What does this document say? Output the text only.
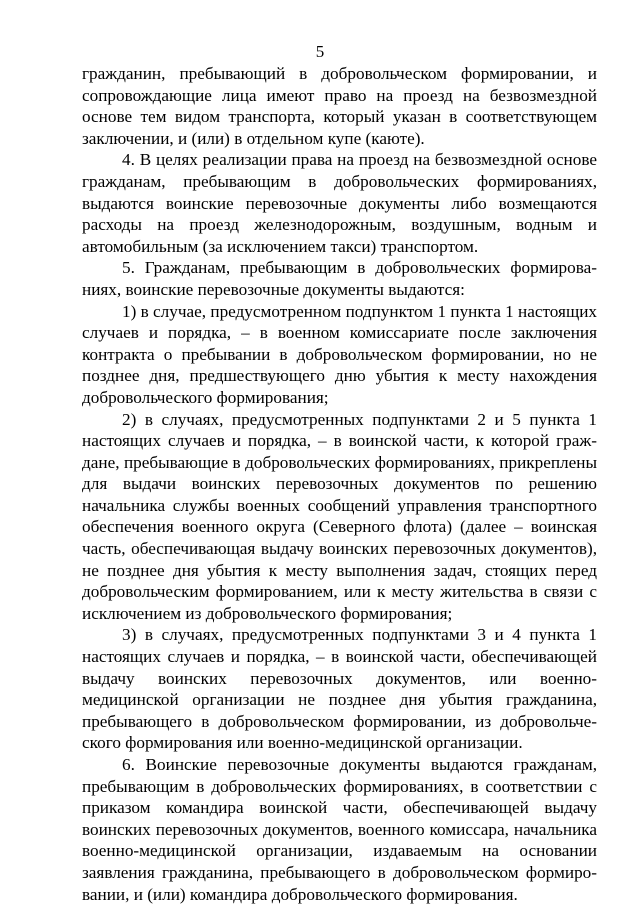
5

гражданин, пребывающий в добровольческом формировании, и сопровождающие лица имеют право на проезд на безвозмездной основе тем видом транспорта, который указан в соответствующем заключении, и (или) в отдельном купе (каюте).

4. В целях реализации права на проезд на безвозмездной основе гражданам, пребывающим в добровольческих формированиях, выдаются воинские перевозочные документы либо возмещаются расходы на проезд железнодорожным, воздушным, водным и автомобильным (за исключением такси) транспортом.

5. Гражданам, пребывающим в добровольческих формированиях, воинские перевозочные документы выдаются:

1) в случае, предусмотренном подпунктом 1 пункта 1 настоящих случаев и порядка, – в военном комиссариате после заключения контракта о пребывании в добровольческом формировании, но не позднее дня, предшествующего дню убытия к месту нахождения добровольческого формирования;

2) в случаях, предусмотренных подпунктами 2 и 5 пункта 1 настоящих случаев и порядка, – в воинской части, к которой граждане, пребывающие в добровольческих формированиях, прикреплены для выдачи воинских перевозочных документов по решению начальника службы военных сообщений управления транспортного обеспечения военного округа (Северного флота) (далее – воинская часть, обеспечивающая выдачу воинских перевозочных документов), не позднее дня убытия к месту выполнения задач, стоящих перед добровольческим формированием, или к месту жительства в связи с исключением из добровольческого формирования;

3) в случаях, предусмотренных подпунктами 3 и 4 пункта 1 настоящих случаев и порядка, – в воинской части, обеспечивающей выдачу воинских перевозочных документов, или военно-медицинской организации не позднее дня убытия гражданина, пребывающего в добровольческом формировании, из добровольческого формирования или военно-медицинской организации.

6. Воинские перевозочные документы выдаются гражданам, пребывающим в добровольческих формированиях, в соответствии с приказом командира воинской части, обеспечивающей выдачу воинских перевозочных документов, военного комиссара, начальника военно-медицинской организации, издаваемым на основании заявления гражданина, пребывающего в добровольческом формировании, и (или) командира добровольческого формирования.
